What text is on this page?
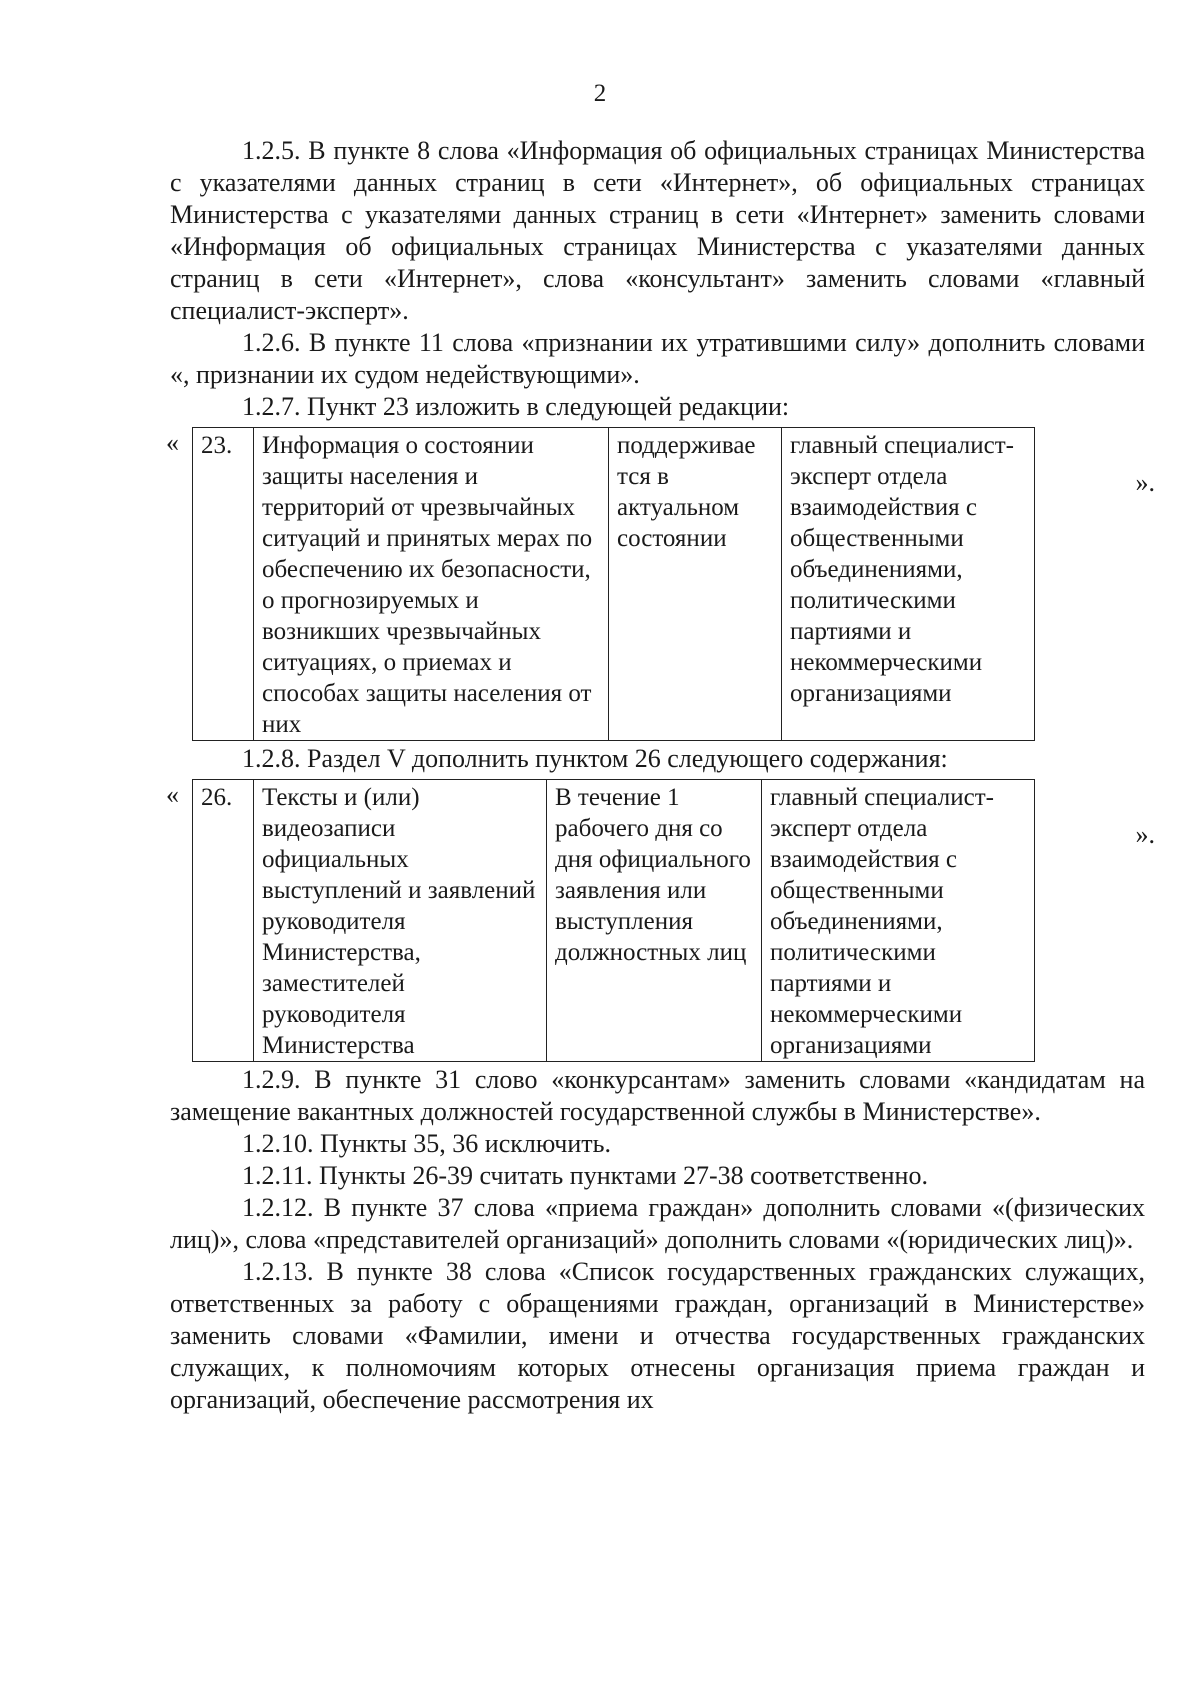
2

1.2.5. В пункте 8 слова «Информация об официальных страницах Министерства с указателями данных страниц в сети «Интернет», об официальных страницах Министерства с указателями данных страниц в сети «Интернет» заменить словами «Информация об официальных страницах Министерства с указателями данных страниц в сети «Интернет», слова «консультант» заменить словами «главный специалист-эксперт».

1.2.6. В пункте 11 слова «признании их утратившими силу» дополнить словами «, признании их судом недействующими».

1.2.7. Пункт 23 изложить в следующей редакции:

« 23.	Информация о состоянии защиты населения и территорий от чрезвычайных ситуаций и принятых мерах по обеспечению их безопасности, о прогнозируемых и возникших чрезвычайных ситуациях, о приемах и способах защиты населения от них	поддерживае тся в актуальном состоянии	главный специалист-эксперт отдела взаимодействия с общественными объединениями, политическими партиями и некоммерческими организациями
».

1.2.8. Раздел V дополнить пунктом 26 следующего содержания:

« 26.	Тексты и (или) видеозаписи официальных выступлений и заявлений руководителя Министерства, заместителей руководителя Министерства	В течение 1 рабочего дня со дня официального заявления или выступления должностных лиц	главный специалист-эксперт отдела взаимодействия с общественными объединениями, политическими партиями и некоммерческими организациями
».

1.2.9. В пункте 31 слово «конкурсантам» заменить словами «кандидатам на замещение вакантных должностей государственной службы в Министерстве».

1.2.10. Пункты 35, 36 исключить.

1.2.11. Пункты 26-39 считать пунктами 27-38 соответственно.

1.2.12. В пункте 37 слова «приема граждан» дополнить словами «(физических лиц)», слова «представителей организаций» дополнить словами «(юридических лиц)».

1.2.13. В пункте 38 слова «Список государственных гражданских служащих, ответственных за работу с обращениями граждан, организаций в Министерстве» заменить словами «Фамилии, имени и отчества государственных гражданских служащих, к полномочиям которых отнесены организация приема граждан и организаций, обеспечение рассмотрения их
